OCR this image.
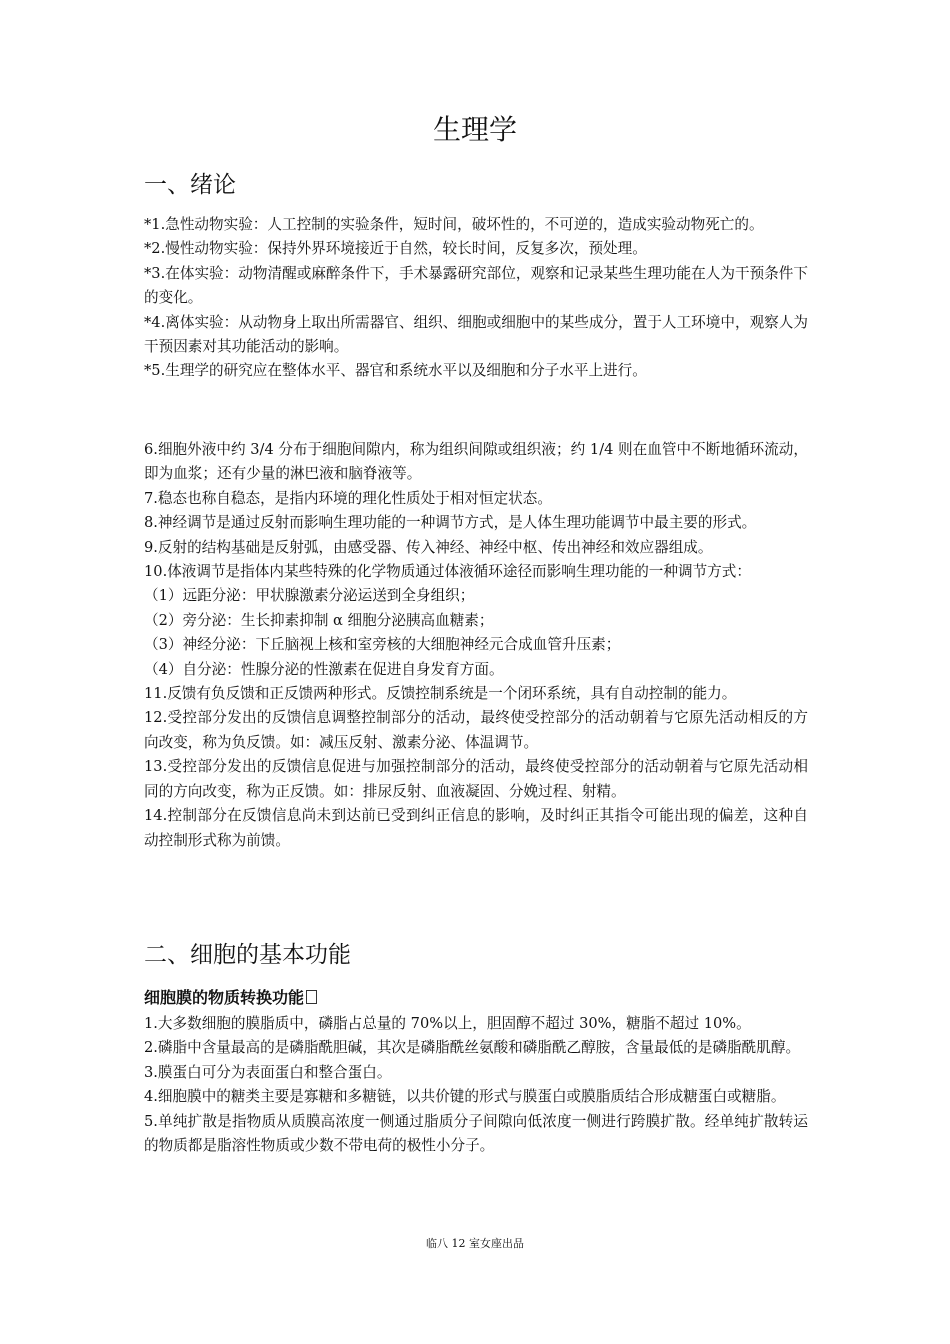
生理学
一、绪论

*1.急性动物实验：人工控制的实验条件，短时间，破坏性的，不可逆的，造成实验动物死亡的。

*2.慢性动物实验：保持外界环境接近于自然，较长时间，反复多次，预处理。

*3.在体实验：动物清醒或麻醉条件下，手术暴露研究部位，观察和记录某些生理功能在人为干预条件下的变化。

*4.离体实验：从动物身上取出所需器官、组织、细胞或细胞中的某些成分，置于人工环境中，观察人为干预因素对其功能活动的影响。

*5.生理学的研究应在整体水平、器官和系统水平以及细胞和分子水平上进行。

6.细胞外液中约 3/4 分布于细胞间隙内，称为组织间隙或组织液；约 1/4 则在血管中不断地循环流动，即为血浆；还有少量的淋巴液和脑脊液等。

7.稳态也称自稳态，是指内环境的理化性质处于相对恒定状态。

8.神经调节是通过反射而影响生理功能的一种调节方式，是人体生理功能调节中最主要的形式。

9.反射的结构基础是反射弧，由感受器、传入神经、神经中枢、传出神经和效应器组成。

10.体液调节是指体内某些特殊的化学物质通过体液循环途径而影响生理功能的一种调节方式：

（1）远距分泌：甲状腺激素分泌运送到全身组织；

（2）旁分泌：生长抑素抑制 α 细胞分泌胰高血糖素；

（3）神经分泌：下丘脑视上核和室旁核的大细胞神经元合成血管升压素；

（4）自分泌：性腺分泌的性激素在促进自身发育方面。

11.反馈有负反馈和正反馈两种形式。反馈控制系统是一个闭环系统，具有自动控制的能力。

12.受控部分发出的反馈信息调整控制部分的活动，最终使受控部分的活动朝着与它原先活动相反的方向改变，称为负反馈。如：减压反射、激素分泌、体温调节。

13.受控部分发出的反馈信息促进与加强控制部分的活动，最终使受控部分的活动朝着与它原先活动相同的方向改变，称为正反馈。如：排尿反射、血液凝固、分娩过程、射精。

14.控制部分在反馈信息尚未到达前已受到纠正信息的影响，及时纠正其指令可能出现的偏差，这种自动控制形式称为前馈。

二、细胞的基本功能
细胞膜的物质转换功能

1.大多数细胞的膜脂质中，磷脂占总量的 70%以上，胆固醇不超过 30%，糖脂不超过 10%。

2.磷脂中含量最高的是磷脂酰胆碱，其次是磷脂酰丝氨酸和磷脂酰乙醇胺，含量最低的是磷脂酰肌醇。

3.膜蛋白可分为表面蛋白和整合蛋白。

4.细胞膜中的糖类主要是寡糖和多糖链，以共价键的形式与膜蛋白或膜脂质结合形成糖蛋白或糖脂。

5.单纯扩散是指物质从质膜高浓度一侧通过脂质分子间隙向低浓度一侧进行跨膜扩散。经单纯扩散转运的物质都是脂溶性物质或少数不带电荷的极性小分子。

临八 12 室女座出品
